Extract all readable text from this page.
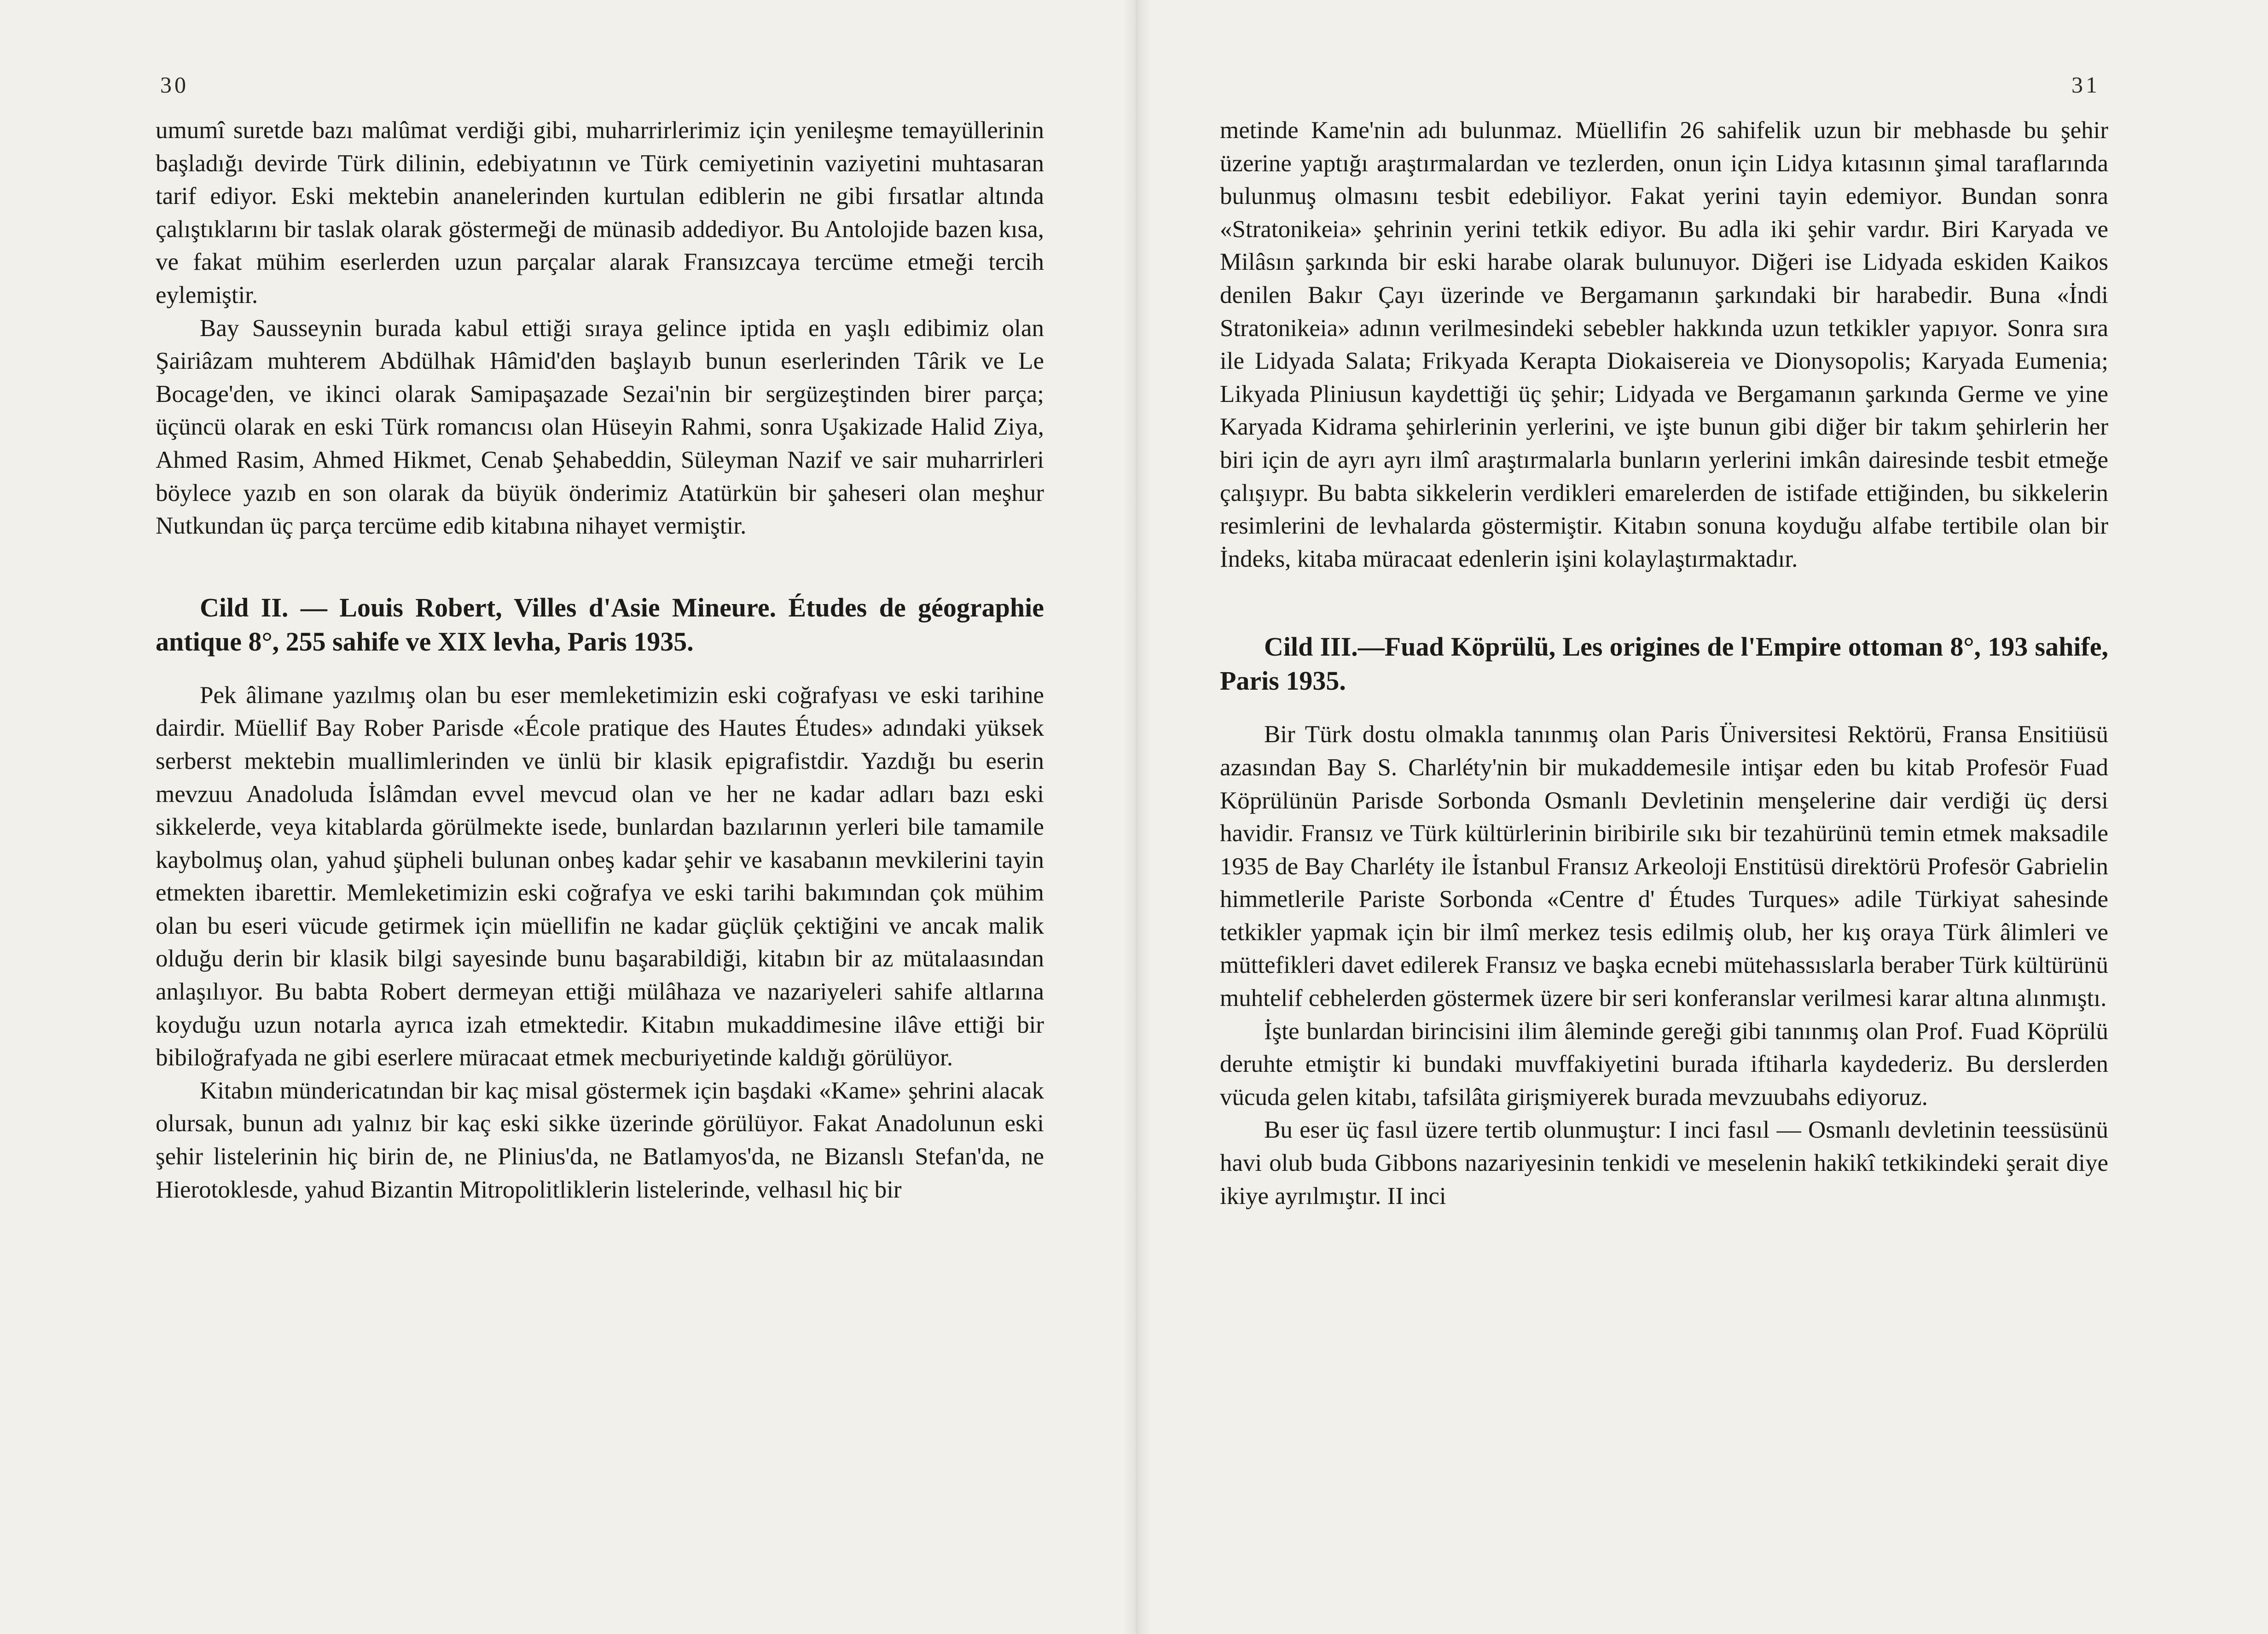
30

umumî suretde bazı malûmat verdiği gibi, muharrirlerimiz için yenileşme temayüllerinin başladığı devirde Türk dilinin, edebiyatının ve Türk cemiyetinin vaziyetini muhtasaran tarif ediyor. Eski mektebin ananelerinden kurtulan ediblerin ne gibi fırsatlar altında çalıştıklarını bir taslak olarak göstermeği de münasib addediyor. Bu Antolojide bazen kısa, ve fakat mühim eserlerden uzun parçalar alarak Fransızcaya tercüme etmeği tercih eylemiştir.

Bay Sausseynin burada kabul ettiği sıraya gelince iptida en yaşlı edibimiz olan Şairiâzam muhterem Abdülhak Hâmid'den başlayıb bunun eserlerinden Târik ve Le Bocage'den, ve ikinci olarak Samipaşazade Sezai'nin bir sergüzeştinden birer parça; üçüncü olarak en eski Türk romancısı olan Hüseyin Rahmi, sonra Uşakizade Halid Ziya, Ahmed Rasim, Ahmed Hikmet, Cenab Şehabeddin, Süleyman Nazif ve sair muharrirleri böylece yazıb en son olarak da büyük önderimiz Atatürkün bir şaheseri olan meşhur Nutkundan üç parça tercüme edib kitabına nihayet vermiştir.

Cild II. — Louis Robert, Villes d'Asie Mineure. Études de géographie antique 8°, 255 sahife ve XIX levha, Paris 1935.

Pek âlimane yazılmış olan bu eser memleketimizin eski coğrafyası ve eski tarihine dairdir. Müellif Bay Rober Parisde «École pratique des Hautes Études» adındaki yüksek serberst mektebin muallimlerinden ve ünlü bir klasik epigrafistdir. Yazdığı bu eserin mevzuu Anadoluda İslâmdan evvel mevcud olan ve her ne kadar adları bazı eski sikkelerde, veya kitablarda görülmekte isede, bunlardan bazılarının yerleri bile tamamile kaybolmuş olan, yahud şüpheli bulunan onbeş kadar şehir ve kasabanın mevkilerini tayin etmekten ibarettir. Memleketimizin eski coğrafya ve eski tarihi bakımından çok mühim olan bu eseri vücude getirmek için müellifin ne kadar güçlük çektiğini ve ancak malik olduğu derin bir klasik bilgi sayesinde bunu başarabildiği, kitabın bir az mütalaasından anlaşılıyor. Bu babta Robert dermeyan ettiği mülâhaza ve nazariyeleri sahife altlarına koyduğu uzun notarla ayrıca izah etmektedir. Kitabın mukaddimesine ilâve ettiği bir bibiloğrafyada ne gibi eserlere müracaat etmek mecburiyetinde kaldığı görülüyor.

Kitabın mündericatından bir kaç misal göstermek için başdaki «Kame» şehrini alacak olursak, bunun adı yalnız bir kaç eski sikke üzerinde görülüyor. Fakat Anadolunun eski şehir listelerinin hiç birin de, ne Plinius'da, ne Batlamyos'da, ne Bizanslı Stefan'da, ne Hierotoklesde, yahud Bizantin Mitropolitliklerin listelerinde, velhasıl hiç bir

31

metinde Kame'nin adı bulunmaz. Müellifin 26 sahifelik uzun bir mebhasde bu şehir üzerine yaptığı araştırmalardan ve tezlerden, onun için Lidya kıtasının şimal taraflarında bulunmuş olmasını tesbit edebiliyor. Fakat yerini tayin edemiyor. Bundan sonra «Stratonikeia» şehrinin yerini tetkik ediyor. Bu adla iki şehir vardır. Biri Karyada ve Milâsın şarkında bir eski harabe olarak bulunuyor. Diğeri ise Lidyada eskiden Kaikos denilen Bakır Çayı üzerinde ve Bergamanın şarkındaki bir harabedir. Buna «İndi Stratonikeia» adının verilmesindeki sebebler hakkında uzun tetkikler yapıyor. Sonra sıra ile Lidyada Salata; Frikyada Kerapta Diokaisereia ve Dionysopolis; Karyada Eumenia; Likyada Pliniusun kaydettiği üç şehir; Lidyada ve Bergamanın şarkında Germe ve yine Karyada Kidrama şehirlerinin yerlerini, ve işte bunun gibi diğer bir takım şehirlerin her biri için de ayrı ayrı ilmî araştırmalarla bunların yerlerini imkân dairesinde tesbit etmeğe çalışıypr. Bu babta sikkelerin verdikleri emarelerden de istifade ettiğinden, bu sikkelerin resimlerini de levhalarda göstermiştir. Kitabın sonuna koyduğu alfabe tertibile olan bir İndeks, kitaba müracaat edenlerin işini kolaylaştırmaktadır.

Cild III.—Fuad Köprülü, Les origines de l'Empire ottoman 8°, 193 sahife, Paris 1935.

Bir Türk dostu olmakla tanınmış olan Paris Üniversitesi Rektörü, Fransa Ensitiüsü azasından Bay S. Charléty'nin bir mukaddemesile intişar eden bu kitab Profesör Fuad Köprülünün Parisde Sorbonda Osmanlı Devletinin menşelerine dair verdiği üç dersi havidir. Fransız ve Türk kültürlerinin biribirile sıkı bir tezahürünü temin etmek maksadile 1935 de Bay Charléty ile İstanbul Fransız Arkeoloji Enstitüsü direktörü Profesör Gabrielin himmetlerile Pariste Sorbonda «Centre d' Études Turques» adile Türkiyat sahesinde tetkikler yapmak için bir ilmî merkez tesis edilmiş olub, her kış oraya Türk âlimleri ve müttefikleri davet edilerek Fransız ve başka ecnebi mütehassıslarla beraber Türk kültürünü muhtelif cebhelerden göstermek üzere bir seri konferanslar verilmesi karar altına alınmıştı.

İşte bunlardan birincisini ilim âleminde gereği gibi tanınmış olan Prof. Fuad Köprülü deruhte etmiştir ki bundaki muvffakiyetini burada iftiharla kaydederiz. Bu derslerden vücuda gelen kitabı, tafsilâta girişmiyerek burada mevzuubahs ediyoruz.

Bu eser üç fasıl üzere tertib olunmuştur: I inci fasıl — Osmanlı devletinin teessüsünü havi olub buda Gibbons nazariyesinin tenkidi ve meselenin hakikî tetkikindeki şerait diye ikiye ayrılmıştır. II inci
